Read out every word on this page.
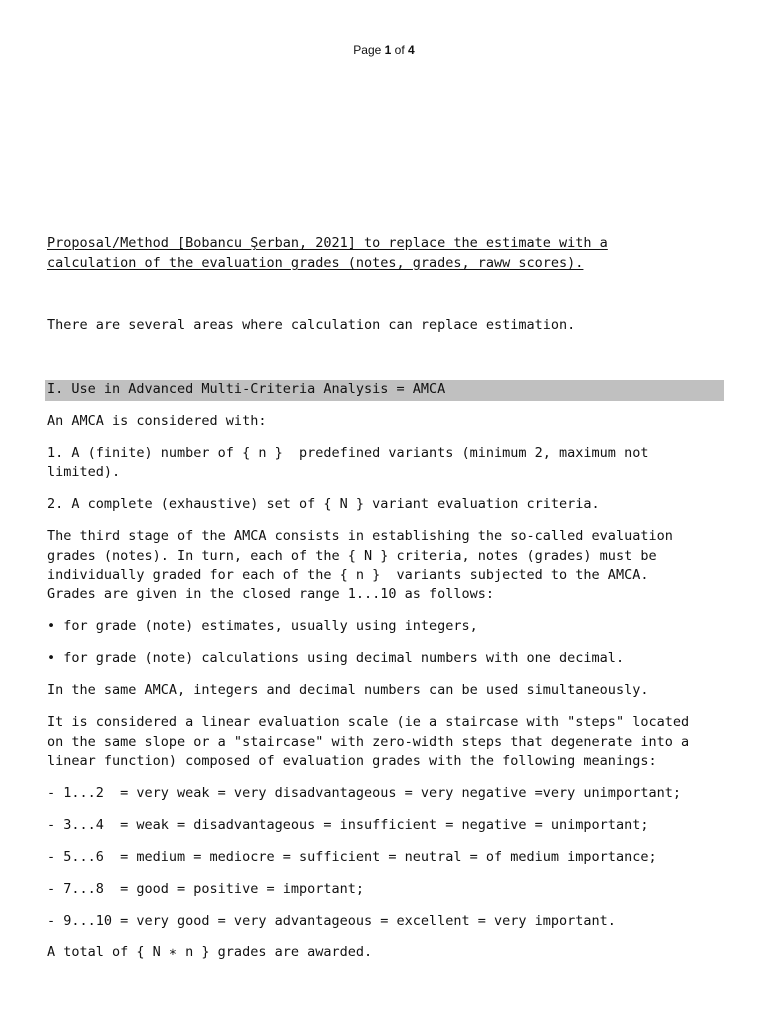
Page 1 of 4
Proposal/Method [Bobancu Şerban, 2021] to replace the estimate with a
calculation of the evaluation grades (notes, grades, raww scores).
There are several areas where calculation can replace estimation.
I. Use in Advanced Multi-Criteria Analysis = AMCA
An AMCA is considered with:
1. A (finite) number of { n }  predefined variants (minimum 2, maximum not
limited).
2. A complete (exhaustive) set of { N } variant evaluation criteria.
The third stage of the AMCA consists in establishing the so-called evaluation
grades (notes). In turn, each of the { N } criteria, notes (grades) must be
individually graded for each of the { n }  variants subjected to the AMCA.
Grades are given in the closed range 1...10 as follows:
• for grade (note) estimates, usually using integers,
• for grade (note) calculations using decimal numbers with one decimal.
In the same AMCA, integers and decimal numbers can be used simultaneously.
It is considered a linear evaluation scale (ie a staircase with "steps" located
on the same slope or a "staircase" with zero-width steps that degenerate into a
linear function) composed of evaluation grades with the following meanings:
- 1...2  = very weak = very disadvantageous = very negative =very unimportant;
- 3...4  = weak = disadvantageous = insufficient = negative = unimportant;
- 5...6  = medium = mediocre = sufficient = neutral = of medium importance;
- 7...8  = good = positive = important;
- 9...10 = very good = very advantageous = excellent = very important.
A total of { N ∗ n } grades are awarded.
